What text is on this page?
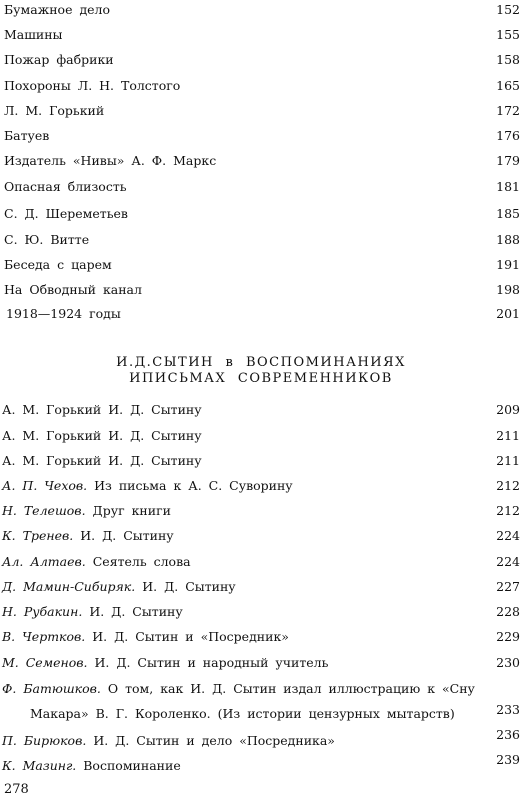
Бумажное дело	152
Машины	155
Пожар фабрики	158
Похороны Л. Н. Толстого	165
Л. М. Горький	172
Батуев	176
Издатель «Нивы» А. Ф. Маркс	179
Опасная близость	181
С. Д. Шереметьев	185
С. Ю. Витте	188
Беседа с царем	191
На Обводный канал	198
1918—1924 годы	201
И.Д.СЫТИН в ВОСПОМИНАНИЯХ
ИПИСЬМАХ СОВРЕМЕННИКОВ
А. М. Горький И. Д. Сытину	209
А. М. Горький И. Д. Сытину	211
А. М. Горький И. Д. Сытину	211
А. П. Чехов. Из письма к А. С. Суворину	212
Н. Телешов. Друг книги	212
К. Тренев. И. Д. Сытину	224
Ал. Алтаев. Сеятель слова	224
Д. Мамин-Сибиряк. И. Д. Сытину	227
Н. Рубакин. И. Д. Сытину	228
В. Чертков. И. Д. Сытин и «Посредник»	229
М. Семенов. И. Д. Сытин и народный учитель	230
Ф. Батюшков. О том, как И. Д. Сытин издал иллюстрацию к «Сну
Макара» В. Г. Короленко. (Из истории цензурных мытарств)	233
П. Бирюков. И. Д. Сытин и дело «Посредника»	236
К. Мазинг. Воспоминание	239
278
